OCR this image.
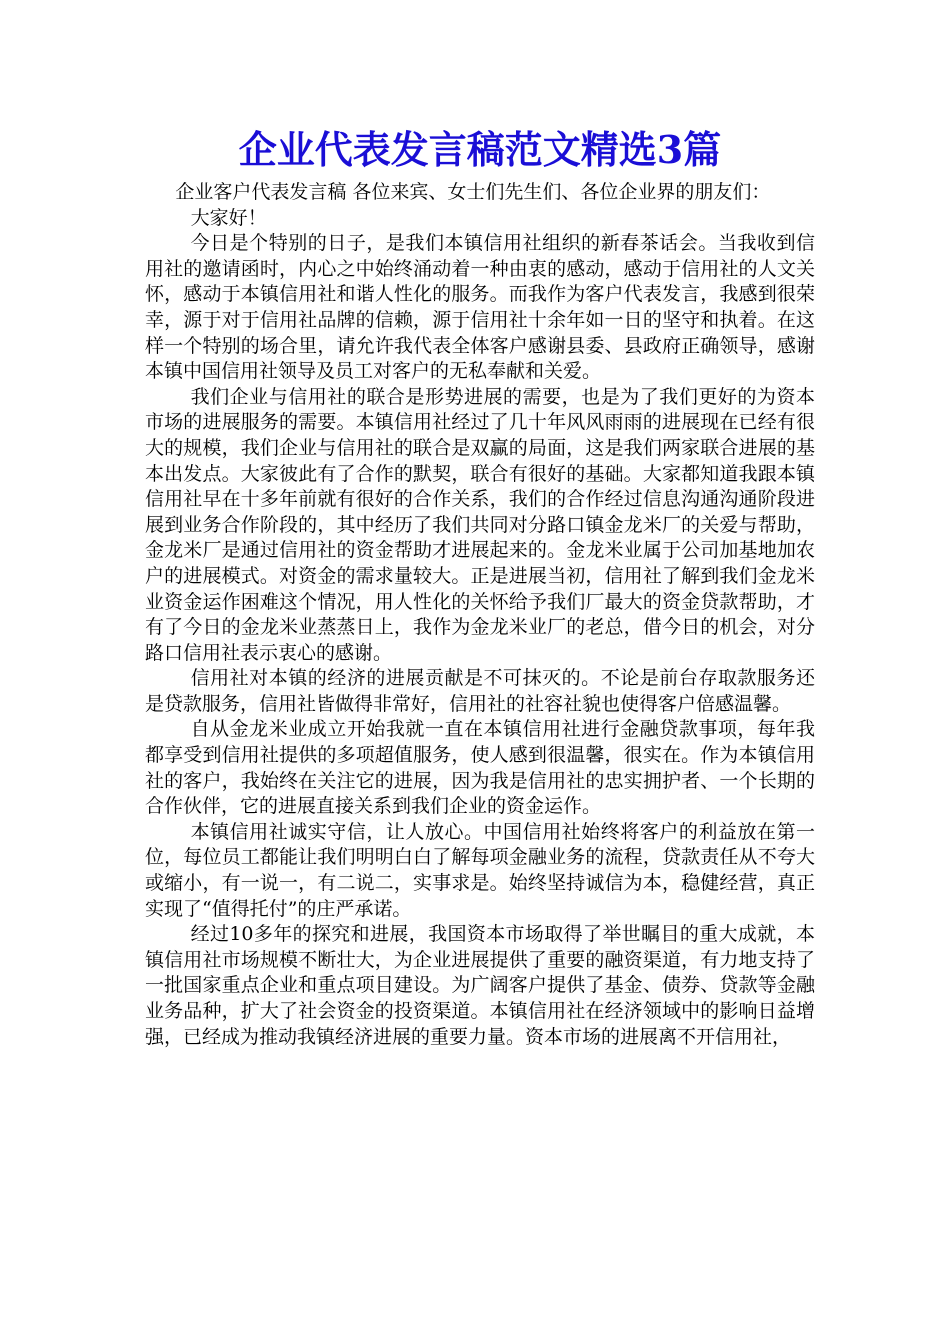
企业代表发言稿范文精选3篇

企业客户代表发言稿 各位来宾、女士们先生们、各位企业界的朋友们：

大家好！

今日是个特别的日子，是我们本镇信用社组织的新春茶话会。当我收到信用社的邀请函时，内心之中始终涌动着一种由衷的感动，感动于信用社的人文关怀，感动于本镇信用社和谐人性化的服务。而我作为客户代表发言，我感到很荣幸，源于对于信用社品牌的信赖，源于信用社十余年如一日的坚守和执着。在这样一个特别的场合里，请允许我代表全体客户感谢县委、县政府正确领导，感谢本镇中国信用社领导及员工对客户的无私奉献和关爱。

我们企业与信用社的联合是形势进展的需要，也是为了我们更好的为资本市场的进展服务的需要。本镇信用社经过了几十年风风雨雨的进展现在已经有很大的规模，我们企业与信用社的联合是双赢的局面，这是我们两家联合进展的基本出发点。大家彼此有了合作的默契，联合有很好的基础。大家都知道我跟本镇信用社早在十多年前就有很好的合作关系，我们的合作经过信息沟通沟通阶段进展到业务合作阶段的，其中经历了我们共同对分路口镇金龙米厂的关爱与帮助，金龙米厂是通过信用社的资金帮助才进展起来的。金龙米业属于公司加基地加农户的进展模式。对资金的需求量较大。正是进展当初，信用社了解到我们金龙米业资金运作困难这个情况，用人性化的关怀给予我们厂最大的资金贷款帮助，才有了今日的金龙米业蒸蒸日上，我作为金龙米业厂的老总，借今日的机会，对分路口信用社表示衷心的感谢。

信用社对本镇的经济的进展贡献是不可抹灭的。不论是前台存取款服务还是贷款服务，信用社皆做得非常好，信用社的社容社貌也使得客户倍感温馨。

自从金龙米业成立开始我就一直在本镇信用社进行金融贷款事项，每年我都享受到信用社提供的多项超值服务，使人感到很温馨，很实在。作为本镇信用社的客户，我始终在关注它的进展，因为我是信用社的忠实拥护者、一个长期的合作伙伴，它的进展直接关系到我们企业的资金运作。

本镇信用社诚实守信，让人放心。中国信用社始终将客户的利益放在第一位，每位员工都能让我们明明白白了解每项金融业务的流程，贷款责任从不夸大或缩小，有一说一，有二说二，实事求是。始终坚持诚信为本，稳健经营，真正实现了“值得托付”的庄严承诺。

经过10多年的探究和进展，我国资本市场取得了举世瞩目的重大成就，本镇信用社市场规模不断壮大，为企业进展提供了重要的融资渠道，有力地支持了一批国家重点企业和重点项目建设。为广阔客户提供了基金、债券、贷款等金融业务品种，扩大了社会资金的投资渠道。本镇信用社在经济领域中的影响日益增强，已经成为推动我镇经济进展的重要力量。资本市场的进展离不开信用社，
